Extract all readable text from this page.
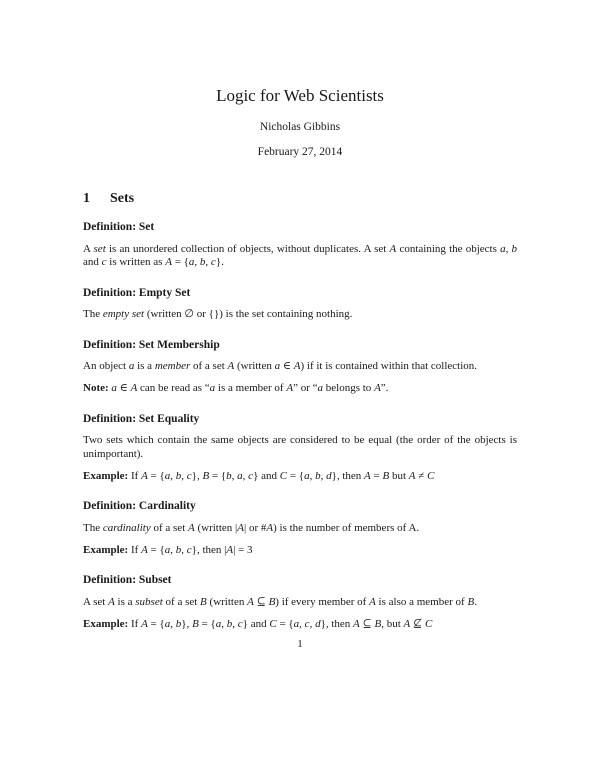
Logic for Web Scientists
Nicholas Gibbins
February 27, 2014
1 Sets
Definition: Set

A set is an unordered collection of objects, without duplicates. A set A containing the objects a, b and c is written as A = {a, b, c}.

Definition: Empty Set

The empty set (written ∅ or {}) is the set containing nothing.

Definition: Set Membership

An object a is a member of a set A (written a ∈ A) if it is contained within that collection.

Note: a ∈ A can be read as “a is a member of A” or “a belongs to A”.

Definition: Set Equality

Two sets which contain the same objects are considered to be equal (the order of the objects is unimportant).

Example: If A = {a, b, c}, B = {b, a, c} and C = {a, b, d}, then A = B but A ≠ C

Definition: Cardinality

The cardinality of a set A (written |A| or #A) is the number of members of A.

Example: If A = {a, b, c}, then |A| = 3

Definition: Subset

A set A is a subset of a set B (written A ⊆ B) if every member of A is also a member of B.

Example: If A = {a, b}, B = {a, b, c} and C = {a, c, d}, then A ⊆ B, but A ⊈ C

1
